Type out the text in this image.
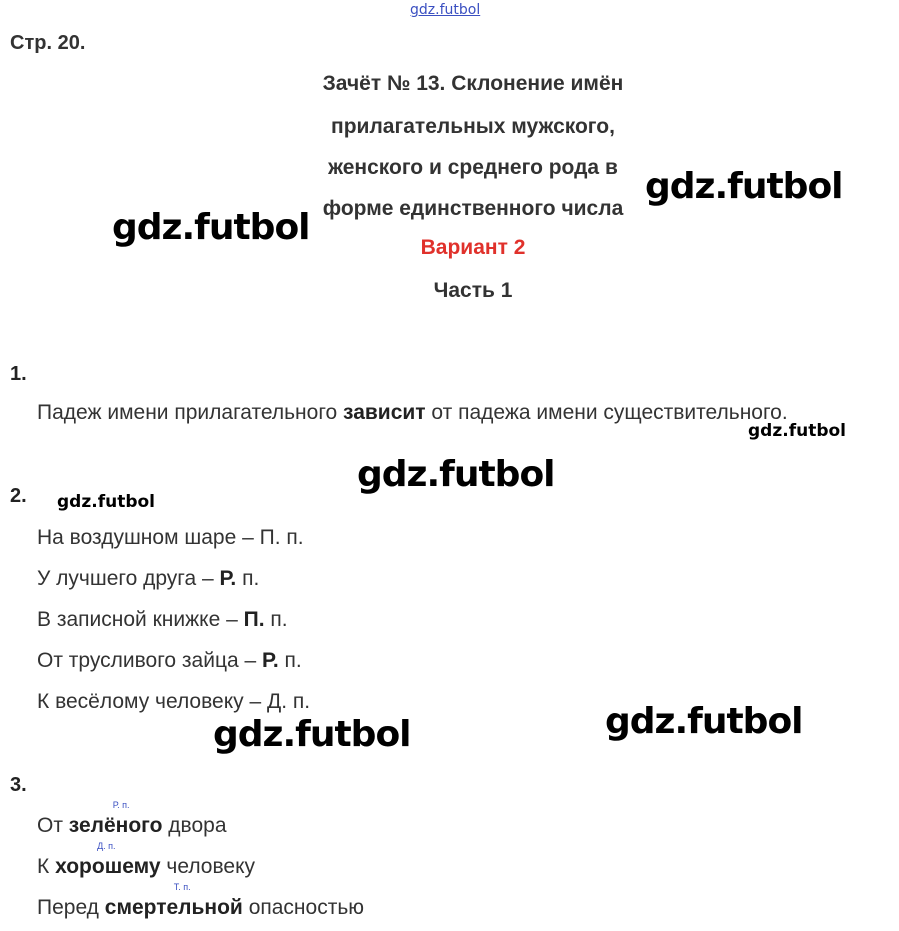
gdz.futbol
gdz.futbol
gdz.futbol
gdz.futbol
gdz.futbol
gdz.futbol
gdz.futbol
gdz.futbol
Стр. 20.
Зачёт № 13. Склонение имён
прилагательных мужского,
женского и среднего рода в
форме единственного числа
Вариант 2
Часть 1
1.
Падеж имени прилагательного зависит от падежа имени существительного.
2.
На воздушном шаре – П. п.
У лучшего друга – Р. п.
В записной книжке – П. п.
От трусливого зайца – Р. п.
К весёлому человеку – Д. п.
3.
От
Р. п.
зелёного двора
К
Д. п.
хорошему человеку
Перед
Т. п.
смертельной опасностью
